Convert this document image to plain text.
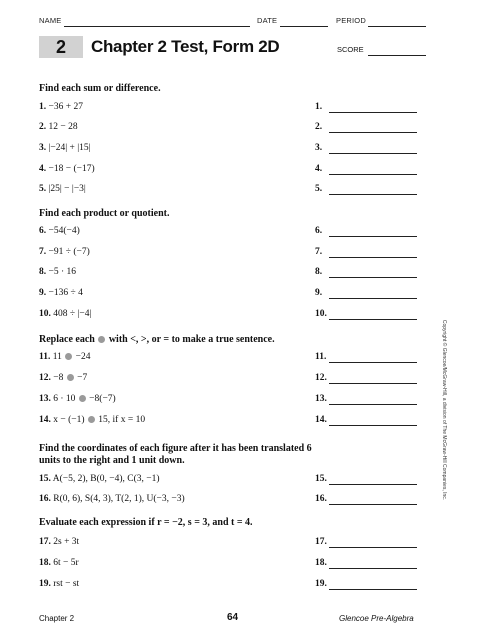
NAME	DATE	PERIOD
2	Chapter 2 Test, Form 2D	SCORE
Find each sum or difference.
1. −36 + 27	1.
2. 12 − 28	2.
3. |−24| + |15|	3.
4. −18 − (−17)	4.
5. |25| − |−3|	5.
Find each product or quotient.
6. −54(−4)	6.
7. −91 ÷ (−7)	7.
8. −5 · 16	8.
9. −136 ÷ 4	9.
10. 408 ÷ |−4|	10.
Replace each with <, >, or = to make a true sentence.
11. 11 −24	11.
12. −8 −7	12.
13. 6 · 10 −8(−7)	13.
14. x − (−1) 15, if x = 10	14.
Find the coordinates of each figure after it has been translated 6 units to the right and 1 unit down.
15. A(−5, 2), B(0, −4), C(3, −1)	15.
16. R(0, 6), S(4, 3), T(2, 1), U(−3, −3)	16.
Evaluate each expression if r = −2, s = 3, and t = 4.
17. 2s + 3t	17.
18. 6t − 5r	18.
19. rst − st	19.
Copyright © Glencoe/McGraw-Hill, a division of The McGraw-Hill Companies, Inc.
Chapter 2	64	Glencoe Pre-Algebra
